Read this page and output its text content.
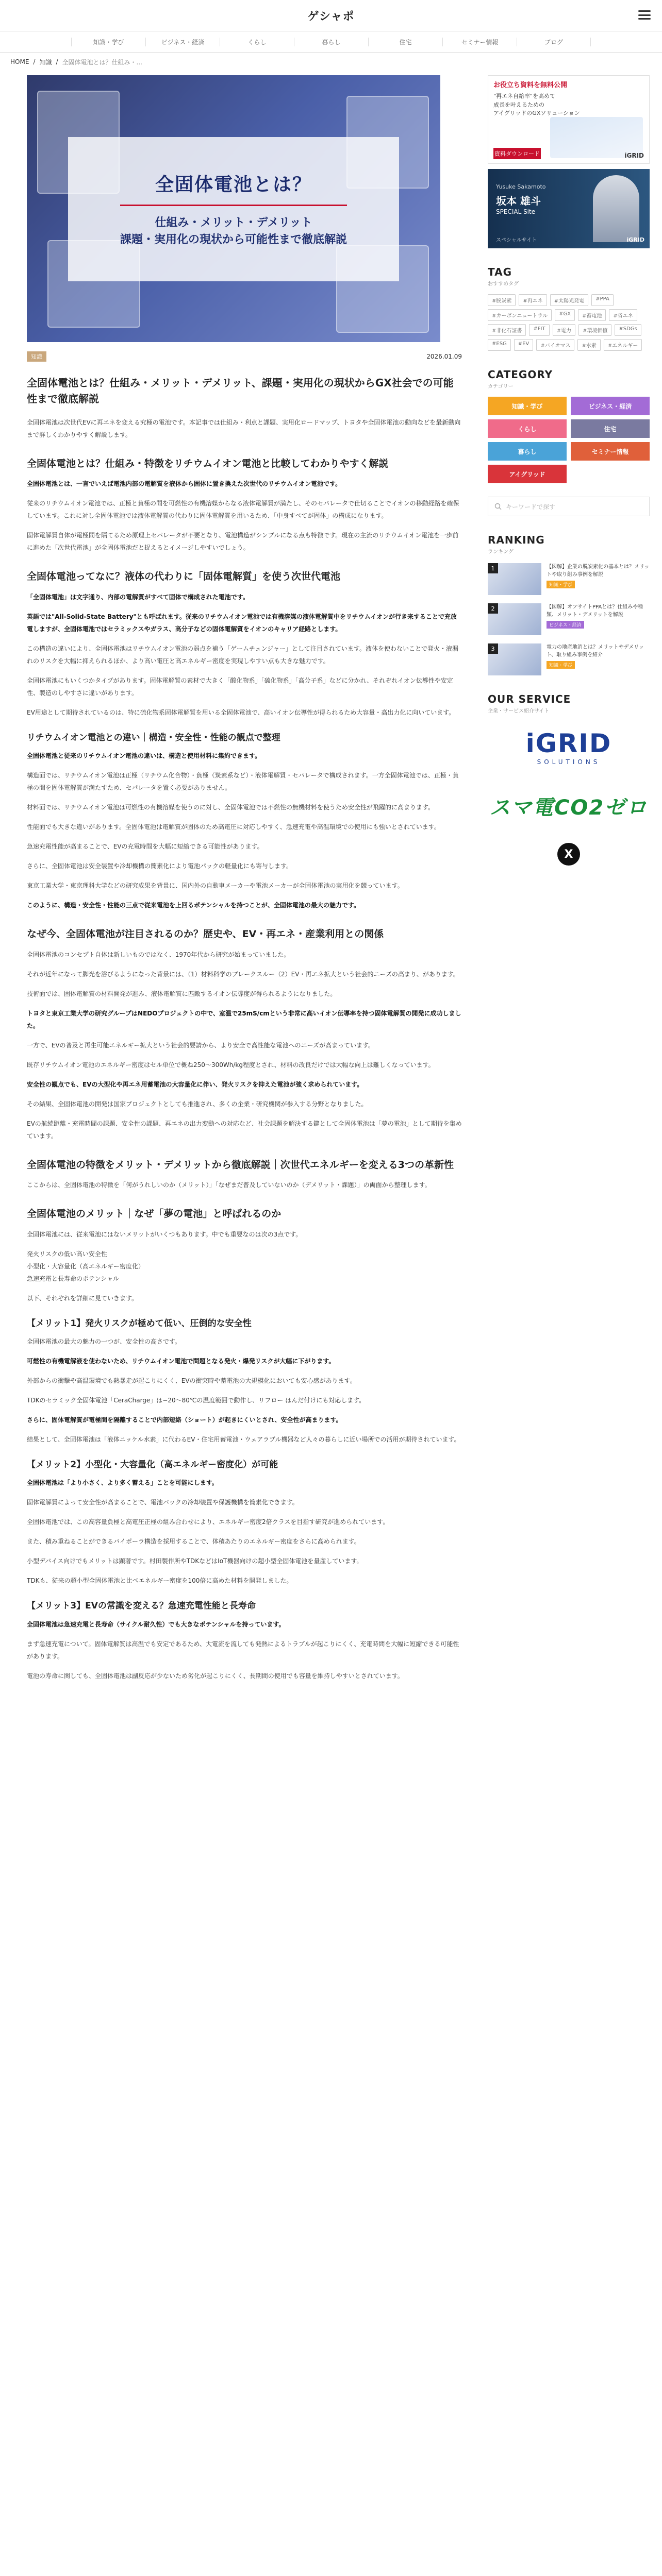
ゲシャポ
知識・学び	ビジネス・経済	くらし	暮らし	住宅	セミナー情報	ブログ
HOME / 知識 / 全固体電池とは？仕組み・...
全固体電池とは？

仕組み・メリット・デメリット

課題・実用化の現状から可能性まで徹底解説

知識	2026.01.09
全固体電池とは？仕組み・メリット・デメリット、課題・実用化の現状からGX社会での可能性まで徹底解説

全固体電池は次世代EVに再エネを変える究極の電池です。本記事では仕組み・利点と課題、実用化ロードマップ、トヨタや全固体電池の動向などを最新動向まで詳しくわかりやすく解説します。

全固体電池とは？仕組み・特徴をリチウムイオン電池と比較してわかりやすく解説

全固体電池とは、一言でいえば電池内部の電解質を液体から固体に置き換えた次世代のリチウムイオン電池です。

従来のリチウムイオン電池では、正極と負極の間を可燃性の有機溶媒からなる液体電解質が満たし、そのセパレータで仕切ることでイオンの移動経路を確保しています。これに対し全固体電池では液体電解質の代わりに固体電解質を用いるため、「中身すべてが固体」の構成になります。

固体電解質自体が電極間を隔てるため原理上セパレータが不要となり、電池構造がシンプルになる点も特徴です。現在の主流のリチウムイオン電池を一歩前に進めた「次世代電池」が全固体電池だと捉えるとイメージしやすいでしょう。

全固体電池ってなに？液体の代わりに「固体電解質」を使う次世代電池

「全固体電池」は文字通り、内部の電解質がすべて固体で構成された電池です。

英語では"All-Solid-State Battery"とも呼ばれます。従来のリチウムイオン電池では有機溶媒の液体電解質中をリチウムイオンが行き来することで充放電しますが、全固体電池ではセラミックスやガラス、高分子などの固体電解質をイオンのキャリア経路とします。

この構造の違いにより、全固体電池はリチウムイオン電池の弱点を補う「ゲームチェンジャー」として注目されています。液体を使わないことで発火・液漏れのリスクを大幅に抑えられるほか、より高い電圧と高エネルギー密度を実現しやすい点も大きな魅力です。

全固体電池にもいくつかタイプがあります。固体電解質の素材で大きく「酸化物系」「硫化物系」「高分子系」などに分かれ、それぞれイオン伝導性や安定性、製造のしやすさに違いがあります。

EV用途として期待されているのは、特に硫化物系固体電解質を用いる全固体電池で、高いイオン伝導性が得られるため大容量・高出力化に向いています。

リチウムイオン電池との違い｜構造・安全性・性能の観点で整理

全固体電池と従来のリチウムイオン電池の違いは、構造と使用材料に集約できます。

構造面では、リチウムイオン電池は正極（リチウム化合物）・負極（炭素系など）・液体電解質・セパレータで構成されます。一方全固体電池では、正極・負極の間を固体電解質が満たすため、セパレータを置く必要がありません。

材料面では、リチウムイオン電池は可燃性の有機溶媒を使うのに対し、全固体電池では不燃性の無機材料を使うため安全性が飛躍的に高まります。

性能面でも大きな違いがあります。全固体電池は電解質が固体のため高電圧に対応しやすく、急速充電や高温環境での使用にも強いとされています。

急速充電性能が高まることで、EVの充電時間を大幅に短縮できる可能性があります。

さらに、全固体電池は安全装置や冷却機構の簡素化により電池パックの軽量化にも寄与します。

東京工業大学・東京理科大学などの研究成果を背景に、国内外の自動車メーカーや電池メーカーが全固体電池の実用化を競っています。

このように、構造・安全性・性能の三点で従来電池を上回るポテンシャルを持つことが、全固体電池の最大の魅力です。

なぜ今、全固体電池が注目されるのか？歴史や、EV・再エネ・産業利用との関係

全固体電池のコンセプト自体は新しいものではなく、1970年代から研究が始まっていました。

それが近年になって脚光を浴びるようになった背景には、（1）材料科学のブレークスルー（2）EV・再エネ拡大という社会的ニーズの高まり、があります。

技術面では、固体電解質の材料開発が進み、液体電解質に匹敵するイオン伝導度が得られるようになりました。

トヨタと東京工業大学の研究グループはNEDOプロジェクトの中で、室温で25mS/cmという非常に高いイオン伝導率を持つ固体電解質の開発に成功しました。

一方で、EVの普及と再生可能エネルギー拡大という社会的要請から、より安全で高性能な電池へのニーズが高まっています。

既存リチウムイオン電池のエネルギー密度はセル単位で概ね250〜300Wh/kg程度とされ、材料の改良だけでは大幅な向上は難しくなっています。

安全性の観点でも、EVの大型化や再エネ用蓄電池の大容量化に伴い、発火リスクを抑えた電池が強く求められています。

その結果、全固体電池の開発は国家プロジェクトとしても推進され、多くの企業・研究機関が参入する分野となりました。

EVの航続距離・充電時間の課題、安全性の課題、再エネの出力変動への対応など、社会課題を解決する鍵として全固体電池は「夢の電池」として期待を集めています。

全固体電池の特徴をメリット・デメリットから徹底解説｜次世代エネルギーを変える3つの革新性

ここからは、全固体電池の特徴を「何がうれしいのか（メリット）」「なぜまだ普及していないのか（デメリット・課題）」の両面から整理します。

全固体電池のメリット｜なぜ「夢の電池」と呼ばれるのか

全固体電池には、従来電池にはないメリットがいくつもあります。中でも重要なのは次の3点です。

発火リスクの低い高い安全性
小型化・大容量化（高エネルギー密度化）
急速充電と長寿命のポテンシャル

以下、それぞれを詳細に見ていきます。

【メリット1】発火リスクが極めて低い、圧倒的な安全性

全固体電池の最大の魅力の一つが、安全性の高さです。

可燃性の有機電解液を使わないため、リチウムイオン電池で問題となる発火・爆発リスクが大幅に下がります。

外部からの衝撃や高温環境でも熱暴走が起こりにくく、EVの衝突時や蓄電池の大規模化においても安心感があります。

TDKのセラミック全固体電池「CeraCharge」は−20〜80℃の温度範囲で動作し、リフロー はんだ付けにも対応します。

さらに、固体電解質が電極間を隔離することで内部短絡（ショート）が起きにくいとされ、安全性が高まります。

結果として、全固体電池は「液体ニッケル水素」に代わるEV・住宅用蓄電池・ウェアラブル機器など人々の暮らしに近い場所での活用が期待されています。

【メリット2】小型化・大容量化（高エネルギー密度化）が可能

全固体電池は「より小さく、より多く蓄える」ことを可能にします。

固体電解質によって安全性が高まることで、電池パックの冷却装置や保護機構を簡素化できます。

全固体電池では、この高容量負極と高電圧正極の組み合わせにより、エネルギー密度2倍クラスを目指す研究が進められています。

また、積み重ねることができるバイポーラ構造を採用することで、体積あたりのエネルギー密度をさらに高められます。

小型デバイス向けでもメリットは顕著です。村田製作所やTDKなどはIoT機器向けの超小型全固体電池を量産しています。

TDKも、従来の超小型全固体電池と比べエネルギー密度を100倍に高めた材料を開発しました。

【メリット3】EVの常識を変える？急速充電性能と長寿命

全固体電池は急速充電と長寿命（サイクル耐久性）でも大きなポテンシャルを持っています。

まず急速充電について。固体電解質は高温でも安定であるため、大電流を流しても発熱によるトラブルが起こりにくく、充電時間を大幅に短縮できる可能性があります。

電池の寿命に関しても、全固体電池は副反応が少ないため劣化が起こりにくく、長期間の使用でも容量を維持しやすいとされています。

お役立ち資料を無料公開
"再エネ自給率"を高めて
成長を叶えるための
アイグリッドのGXソリューション
資料ダウンロード	iGRID
Yusuke Sakamoto
坂本 雄斗
SPECIAL Site
スペシャルサイト	iGRID
TAG
おすすめタグ
#脱炭素	#再エネ	#太陽光発電	#PPA
#カーボンニュートラル	#GX	#蓄電池	#省エネ
#非化石証書	#FIT	#電力	#環境価値	#SDGs
#ESG	#EV	#バイオマス	#水素	#エネルギー
CATEGORY
カテゴリー
知識・学び	ビジネス・経済
くらし	住宅
暮らし	セミナー情報
アイグリッド
キーワードで探す
RANKING
ランキング
1	【図解】企業の脱炭素化の基本とは？メリットや取り組み事例を解説
知識・学び
2	【図解】オフサイトPPAとは？仕組みや種類、メリット・デメリットを解説
ビジネス・経済
3	電力の地産地消とは？メリットやデメリット、取り組み事例を紹介
知識・学び
OUR SERVICE
企業・サービス紹介サイト
iGRID
SOLUTIONS
スマ電CO2ゼロ
X
